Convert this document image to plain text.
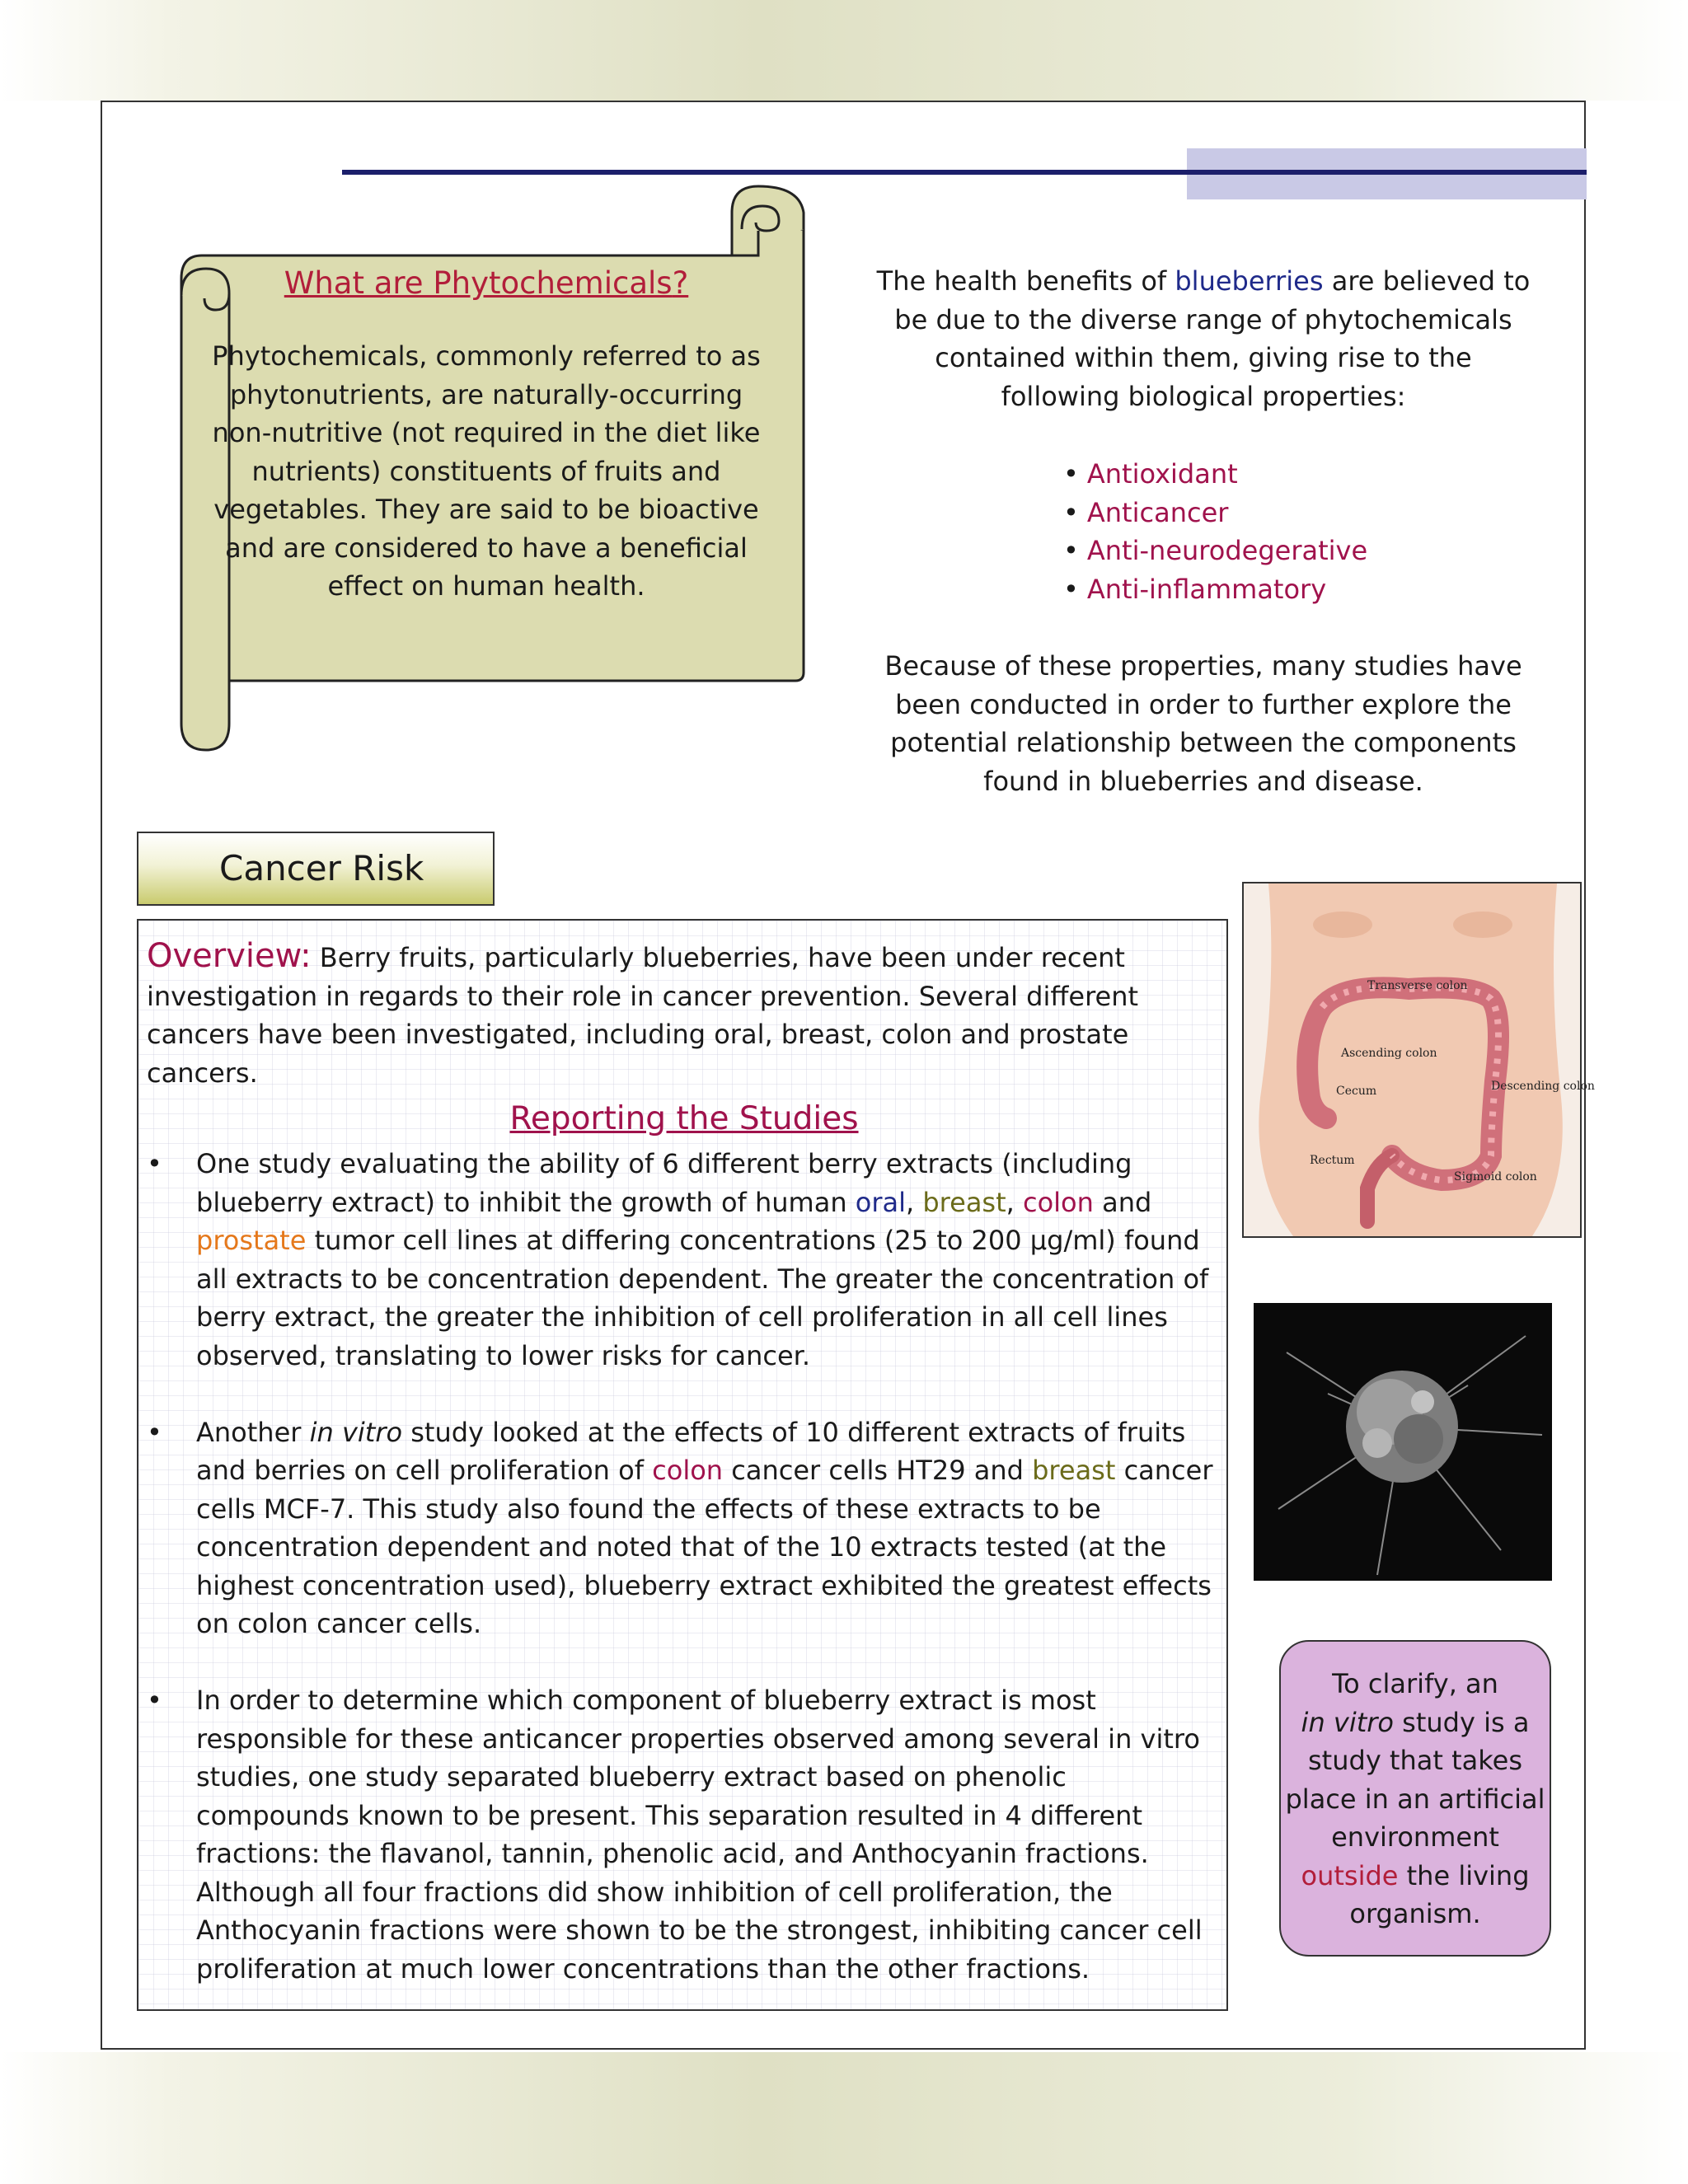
What are Phytochemicals?

Phytochemicals, commonly referred to as phytonutrients, are naturally-occurring non-nutritive (not required in the diet like nutrients) constituents of fruits and vegetables. They are said to be bioactive and are considered to have a beneficial effect on human health.

The health benefits of blueberries are believed to be due to the diverse range of phytochemicals contained within them, giving rise to the following biological properties:
• Antioxidant
• Anticancer
• Anti-neurodegerative
• Anti-inflammatory
Because of these properties, many studies have been conducted in order to further explore the potential relationship between the components found in blueberries and disease.
Cancer Risk

Overview: Berry fruits, particularly blueberries, have been under recent investigation in regards to their role in cancer prevention. Several different cancers have been investigated, including oral, breast, colon and prostate cancers.

Reporting the Studies

• One study evaluating the ability of 6 different berry extracts (including blueberry extract) to inhibit the growth of human oral, breast, colon and prostate tumor cell lines at differing concentrations (25 to 200 µg/ml) found all extracts to be concentration dependent. The greater the concentration of berry extract, the greater the inhibition of cell proliferation in all cell lines observed, translating to lower risks for cancer.
• Another in vitro study looked at the effects of 10 different extracts of fruits and berries on cell proliferation of colon cancer cells HT29 and breast cancer cells MCF-7. This study also found the effects of these extracts to be concentration dependent and noted that of the 10 extracts tested (at the highest concentration used), blueberry extract exhibited the greatest effects on colon cancer cells.
• In order to determine which component of blueberry extract is most responsible for these anticancer properties observed among several in vitro studies, one study separated blueberry extract based on phenolic compounds known to be present. This separation resulted in 4 different fractions: the flavanol, tannin, phenolic acid, and Anthocyanin fractions. Although all four fractions did show inhibition of cell proliferation, the Anthocyanin fractions were shown to be the strongest, inhibiting cancer cell proliferation at much lower concentrations than the other fractions.
Transverse colon
Ascending colon
Cecum	Descending colon
Rectum
Sigmoid colon
To clarify, an
in vitro study is a study that takes place in an artificial environment outside the living organism.
